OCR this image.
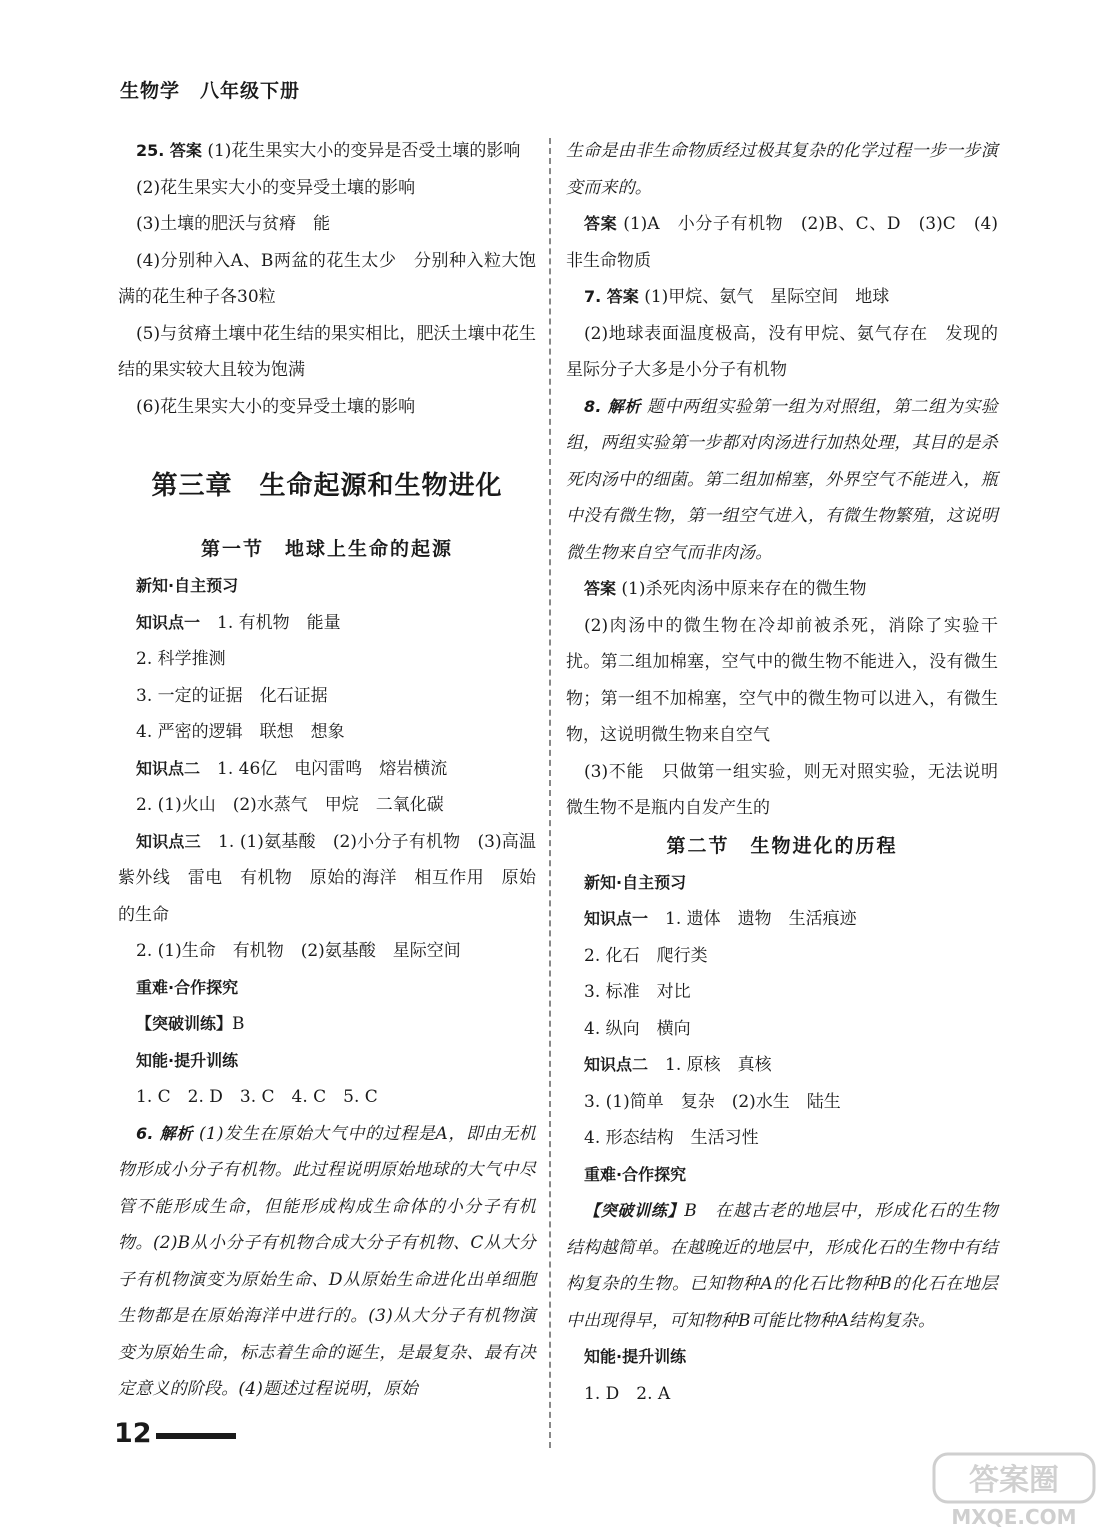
生物学　八年级下册

25. 答案 (1)花生果实大小的变异是否受土壤的影响

(2)花生果实大小的变异受土壤的影响

(3)土壤的肥沃与贫瘠　能

(4)分别种入A、B两盆的花生太少　分别种入粒大饱满的花生种子各30粒

(5)与贫瘠土壤中花生结的果实相比，肥沃土壤中花生结的果实较大且较为饱满

(6)花生果实大小的变异受土壤的影响

第三章　生命起源和生物进化

第一节　地球上生命的起源

新知·自主预习

知识点一　 1. 有机物　能量

2. 科学推测

3. 一定的证据　化石证据

4. 严密的逻辑　联想　想象

知识点二　 1. 46亿　电闪雷鸣　熔岩横流

2. (1)火山　(2)水蒸气　甲烷　二氧化碳

知识点三　 1. (1)氨基酸　(2)小分子有机物　(3)高温　紫外线　雷电　有机物　原始的海洋　相互作用　原始的生命

2. (1)生命　有机物　(2)氨基酸　星际空间

重难·合作探究

【突破训练】B

知能·提升训练

1. C　2. D　3. C　4. C　5. C

6. 解析 (1)发生在原始大气中的过程是A，即由无机物形成小分子有机物。此过程说明原始地球的大气中尽管不能形成生命，但能形成构成生命体的小分子有机物。(2)B从小分子有机物合成大分子有机物、C从大分子有机物演变为原始生命、D从原始生命进化出单细胞生物都是在原始海洋中进行的。(3)从大分子有机物演变为原始生命，标志着生命的诞生，是最复杂、最有决定意义的阶段。(4)题述过程说明，原始

生命是由非生命物质经过极其复杂的化学过程一步一步演变而来的。

答案 (1)A　小分子有机物　(2)B、C、D　(3)C　(4)非生命物质

7. 答案 (1)甲烷、氨气　星际空间　地球

(2)地球表面温度极高，没有甲烷、氨气存在　发现的星际分子大多是小分子有机物

8. 解析 题中两组实验第一组为对照组，第二组为实验组，两组实验第一步都对肉汤进行加热处理，其目的是杀死肉汤中的细菌。第二组加棉塞，外界空气不能进入，瓶中没有微生物，第一组空气进入，有微生物繁殖，这说明微生物来自空气而非肉汤。

答案 (1)杀死肉汤中原来存在的微生物

(2)肉汤中的微生物在冷却前被杀死，消除了实验干扰。第二组加棉塞，空气中的微生物不能进入，没有微生物；第一组不加棉塞，空气中的微生物可以进入，有微生物，这说明微生物来自空气

(3)不能　只做第一组实验，则无对照实验，无法说明微生物不是瓶内自发产生的

第二节　生物进化的历程

新知·自主预习

知识点一　 1. 遗体　遗物　生活痕迹

2. 化石　爬行类

3. 标准　对比

4. 纵向　横向

知识点二　 1. 原核　真核

3. (1)简单　复杂　(2)水生　陆生

4. 形态结构　生活习性

重难·合作探究

【突破训练】B　在越古老的地层中，形成化石的生物结构越简单。在越晚近的地层中，形成化石的生物中有结构复杂的生物。已知物种A的化石比物种B的化石在地层中出现得早，可知物种B可能比物种A结构复杂。

知能·提升训练

1. D　2. A

12
答案圈
MXQE.COM
